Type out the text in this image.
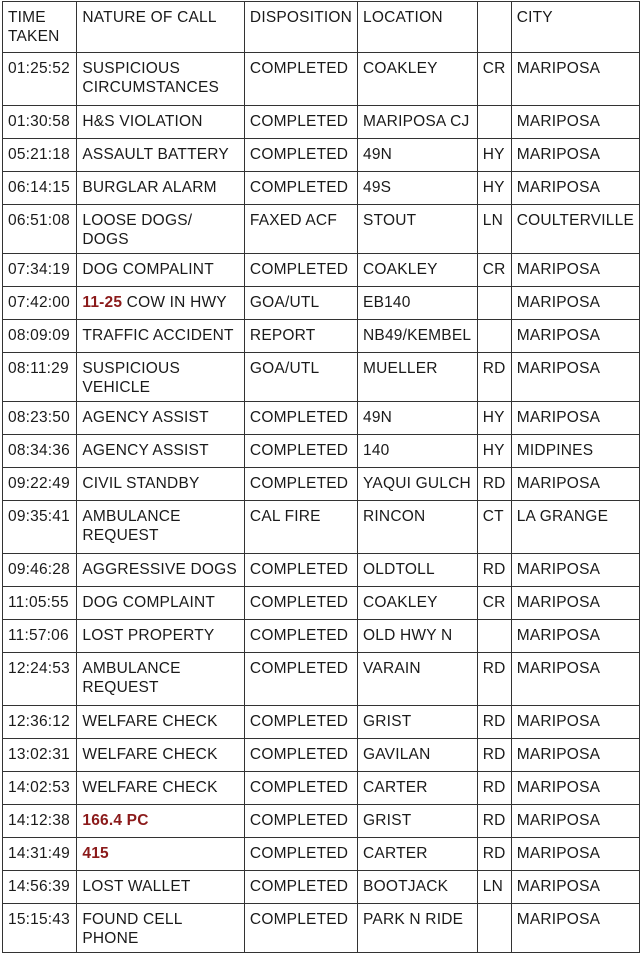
TIME TAKEN	NATURE OF CALL	DISPOSITION	LOCATION		CITY
01:25:52	SUSPICIOUS CIRCUMSTANCES	COMPLETED	COAKLEY	CR	MARIPOSA
01:30:58	H&S VIOLATION	COMPLETED	MARIPOSA CJ		MARIPOSA
05:21:18	ASSAULT BATTERY	COMPLETED	49N	HY	MARIPOSA
06:14:15	BURGLAR ALARM	COMPLETED	49S	HY	MARIPOSA
06:51:08	LOOSE DOGS/ DOGS	FAXED ACF	STOUT	LN	COULTERVILLE
07:34:19	DOG COMPALINT	COMPLETED	COAKLEY	CR	MARIPOSA
07:42:00	11-25 COW IN HWY	GOA/UTL	EB140		MARIPOSA
08:09:09	TRAFFIC ACCIDENT	REPORT	NB49/KEMBEL		MARIPOSA
08:11:29	SUSPICIOUS VEHICLE	GOA/UTL	MUELLER	RD	MARIPOSA
08:23:50	AGENCY ASSIST	COMPLETED	49N	HY	MARIPOSA
08:34:36	AGENCY ASSIST	COMPLETED	140	HY	MIDPINES
09:22:49	CIVIL STANDBY	COMPLETED	YAQUI GULCH	RD	MARIPOSA
09:35:41	AMBULANCE REQUEST	CAL FIRE	RINCON	CT	LA GRANGE
09:46:28	AGGRESSIVE DOGS	COMPLETED	OLDTOLL	RD	MARIPOSA
11:05:55	DOG COMPLAINT	COMPLETED	COAKLEY	CR	MARIPOSA
11:57:06	LOST PROPERTY	COMPLETED	OLD HWY N		MARIPOSA
12:24:53	AMBULANCE REQUEST	COMPLETED	VARAIN	RD	MARIPOSA
12:36:12	WELFARE CHECK	COMPLETED	GRIST	RD	MARIPOSA
13:02:31	WELFARE CHECK	COMPLETED	GAVILAN	RD	MARIPOSA
14:02:53	WELFARE CHECK	COMPLETED	CARTER	RD	MARIPOSA
14:12:38	166.4 PC	COMPLETED	GRIST	RD	MARIPOSA
14:31:49	415	COMPLETED	CARTER	RD	MARIPOSA
14:56:39	LOST WALLET	COMPLETED	BOOTJACK	LN	MARIPOSA
15:15:43	FOUND CELL PHONE	COMPLETED	PARK N RIDE		MARIPOSA
